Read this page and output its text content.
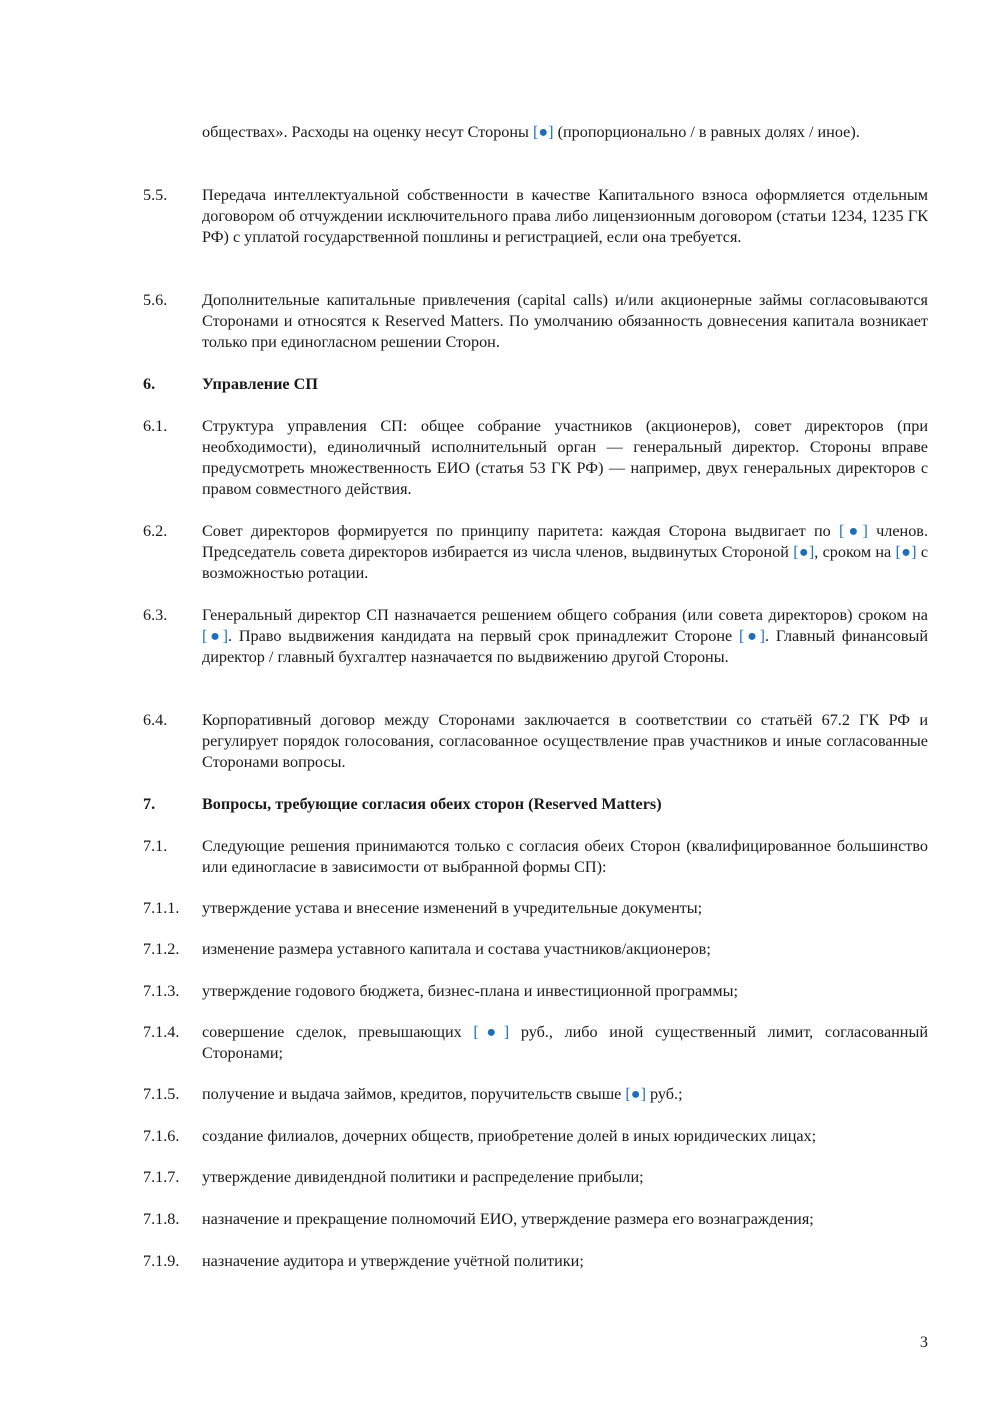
обществах». Расходы на оценку несут Стороны [●] (пропорционально / в равных долях / иное).
5.5.	Передача интеллектуальной собственности в качестве Капитального взноса оформляется отдельным договором об отчуждении исключительного права либо лицензионным договором (статьи 1234, 1235 ГК РФ) с уплатой государственной пошлины и регистрацией, если она требуется.
5.6.	Дополнительные капитальные привлечения (capital calls) и/или акционерные займы согласовываются Сторонами и относятся к Reserved Matters. По умолчанию обязанность довнесения капитала возникает только при единогласном решении Сторон.
6.	Управление СП
6.1.	Структура управления СП: общее собрание участников (акционеров), совет директоров (при необходимости), единоличный исполнительный орган — генеральный директор. Стороны вправе предусмотреть множественность ЕИО (статья 53 ГК РФ) — например, двух генеральных директоров с правом совместного действия.
6.2.	Совет директоров формируется по принципу паритета: каждая Сторона выдвигает по [●] членов. Председатель совета директоров избирается из числа членов, выдвинутых Стороной [●], сроком на [●] с возможностью ротации.
6.3.	Генеральный директор СП назначается решением общего собрания (или совета директоров) сроком на [●]. Право выдвижения кандидата на первый срок принадлежит Стороне [●]. Главный финансовый директор / главный бухгалтер назначается по выдвижению другой Стороны.
6.4.	Корпоративный договор между Сторонами заключается в соответствии со статьёй 67.2 ГК РФ и регулирует порядок голосования, согласованное осуществление прав участников и иные согласованные Сторонами вопросы.
7.	Вопросы, требующие согласия обеих сторон (Reserved Matters)
7.1.	Следующие решения принимаются только с согласия обеих Сторон (квалифицированное большинство или единогласие в зависимости от выбранной формы СП):
7.1.1.	утверждение устава и внесение изменений в учредительные документы;
7.1.2.	изменение размера уставного капитала и состава участников/акционеров;
7.1.3.	утверждение годового бюджета, бизнес-плана и инвестиционной программы;
7.1.4.	совершение сделок, превышающих [●] руб., либо иной существенный лимит, согласованный Сторонами;
7.1.5.	получение и выдача займов, кредитов, поручительств свыше [●] руб.;
7.1.6.	создание филиалов, дочерних обществ, приобретение долей в иных юридических лицах;
7.1.7.	утверждение дивидендной политики и распределение прибыли;
7.1.8.	назначение и прекращение полномочий ЕИО, утверждение размера его вознаграждения;
7.1.9.	назначение аудитора и утверждение учётной политики;
3
